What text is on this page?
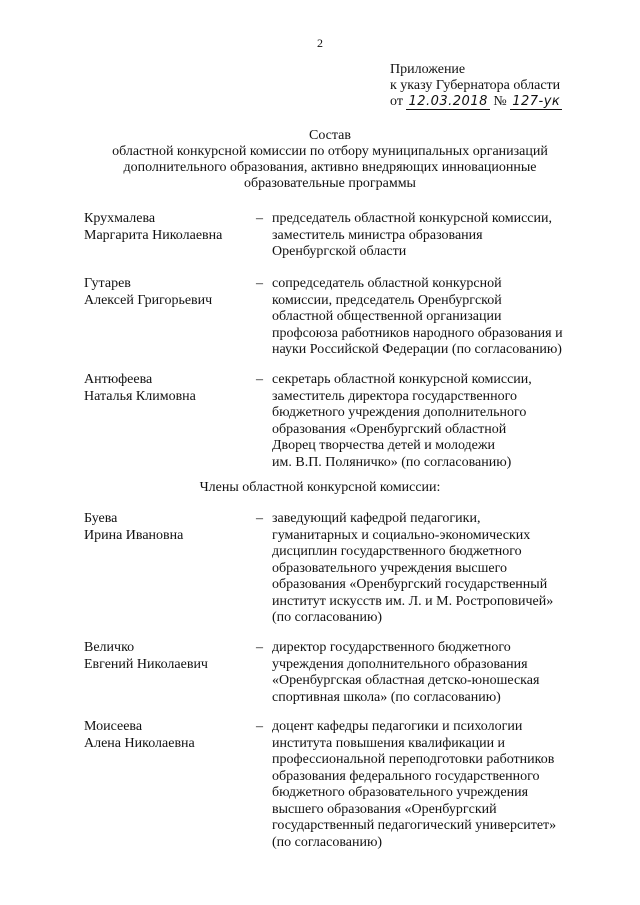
2
Приложение
к указу Губернатора области
от 12.03.2018 № 127-ук
Состав
областной конкурсной комиссии по отбору муниципальных организаций
дополнительного образования, активно внедряющих инновационные
образовательные программы
Крухмалева
Маргарита Николаевна
– председатель областной конкурсной комиссии,
заместитель министра образования
Оренбургской области
Гутарев
Алексей Григорьевич
– сопредседатель областной конкурсной
комиссии, председатель Оренбургской
областной общественной организации
профсоюза работников народного образования и
науки Российской Федерации (по согласованию)
Антюфеева
Наталья Климовна
– секретарь областной конкурсной комиссии,
заместитель директора государственного
бюджетного учреждения дополнительного
образования «Оренбургский областной
Дворец творчества детей и молодежи
им. В.П. Поляничко» (по согласованию)
Члены областной конкурсной комиссии:
Буева
Ирина Ивановна
– заведующий кафедрой педагогики,
гуманитарных и социально-экономических
дисциплин государственного бюджетного
образовательного учреждения высшего
образования «Оренбургский государственный
институт искусств им. Л. и М. Ростроповичей»
(по согласованию)
Величко
Евгений Николаевич
– директор государственного бюджетного
учреждения дополнительного образования
«Оренбургская областная детско-юношеская
спортивная школа» (по согласованию)
Моисеева
Алена Николаевна
– доцент кафедры педагогики и психологии
института повышения квалификации и
профессиональной переподготовки работников
образования федерального государственного
бюджетного образовательного учреждения
высшего образования «Оренбургский
государственный педагогический университет»
(по согласованию)
